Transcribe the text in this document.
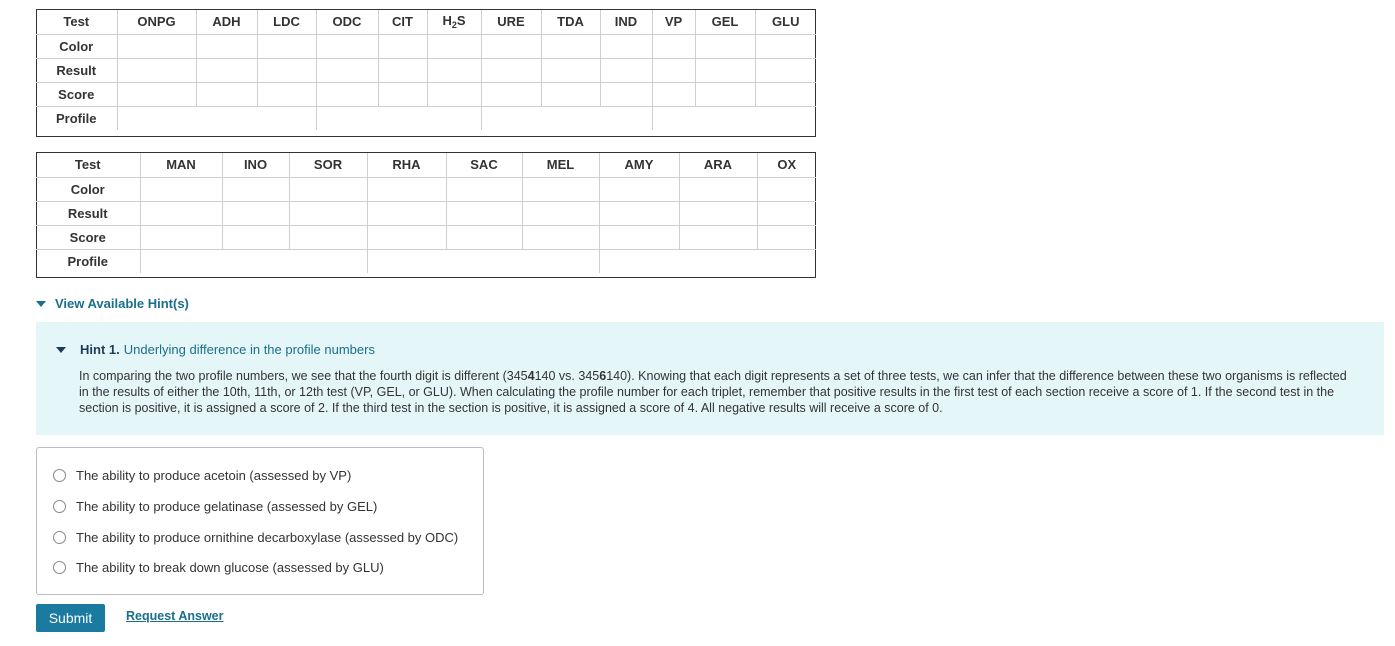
Test	ONPG	ADH	LDC	ODC	CIT	$H_2S$	URE	TDA	IND	VP	GEL	GLU
Color												
Result												
Score												
Profile												
Test	MAN	INO	SOR	RHA	SAC	MEL	AMY	ARA	OX
Color									
Result									
Score									
Profile									
View Available Hint(s)
Hint 1. Underlying difference in the profile numbers
In comparing the two profile numbers, we see that the fourth digit is different (3454140 vs. 3456140). Knowing that each digit represents a set of three tests, we can infer that the difference between these two organisms is reflected in the results of either the 10th, 11th, or 12th test (VP, GEL, or GLU). When calculating the profile number for each triplet, remember that positive results in the first test of each section receive a score of 1. If the second test in the section is positive, it is assigned a score of 2. If the third test in the section is positive, it is assigned a score of 4. All negative results will receive a score of 0.
The ability to produce acetoin (assessed by VP)
The ability to produce gelatinase (assessed by GEL)
The ability to produce ornithine decarboxylase (assessed by ODC)
The ability to break down glucose (assessed by GLU)
Submit	Request Answer
